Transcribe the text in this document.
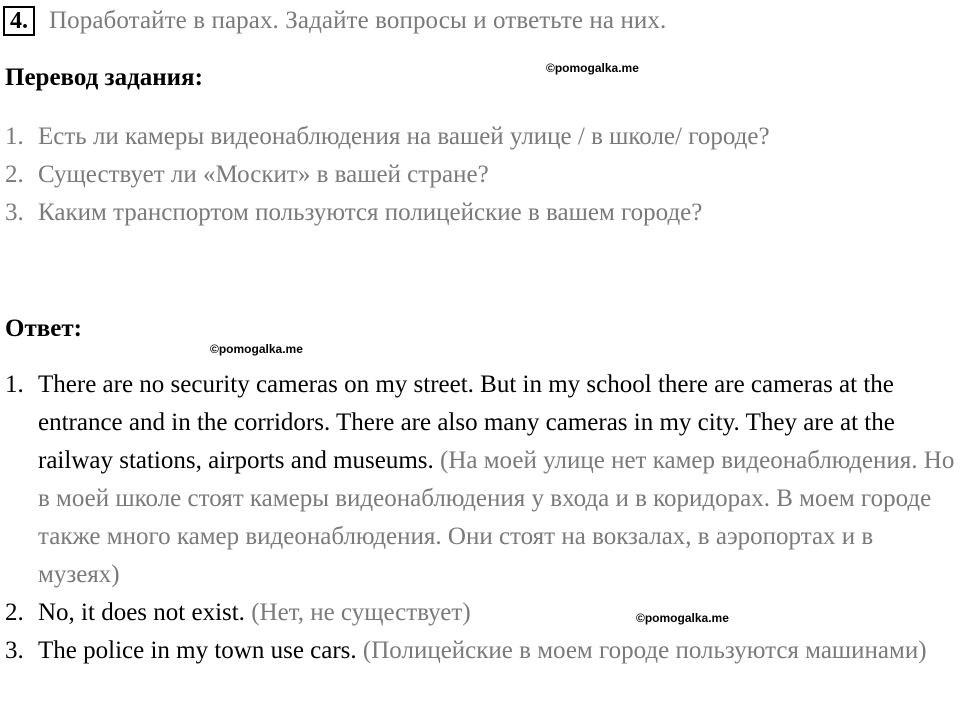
4. Поработайте в парах. Задайте вопросы и ответьте на них.
Перевод задания:	©pomogalka.me
1. Есть ли камеры видеонаблюдения на вашей улице / в школе/ городе?
2. Существует ли «Москит» в вашей стране?
3. Каким транспортом пользуются полицейские в вашем городе?
Ответ:
©pomogalka.me
1. There are no security cameras on my street. But in my school there are cameras at the entrance and in the corridors. There are also many cameras in my city. They are at the railway stations, airports and museums. (На моей улице нет камер видеонаблюдения. Но в моей школе стоят камеры видеонаблюдения у входа и в коридорах. В моем городе также много камер видеонаблюдения. Они стоят на вокзалах, в аэропортах и в музеях)
2. No, it does not exist. (Нет, не существует)
3. The police in my town use cars. (Полицейские в моем городе пользуются машинами)
©pomogalka.me
